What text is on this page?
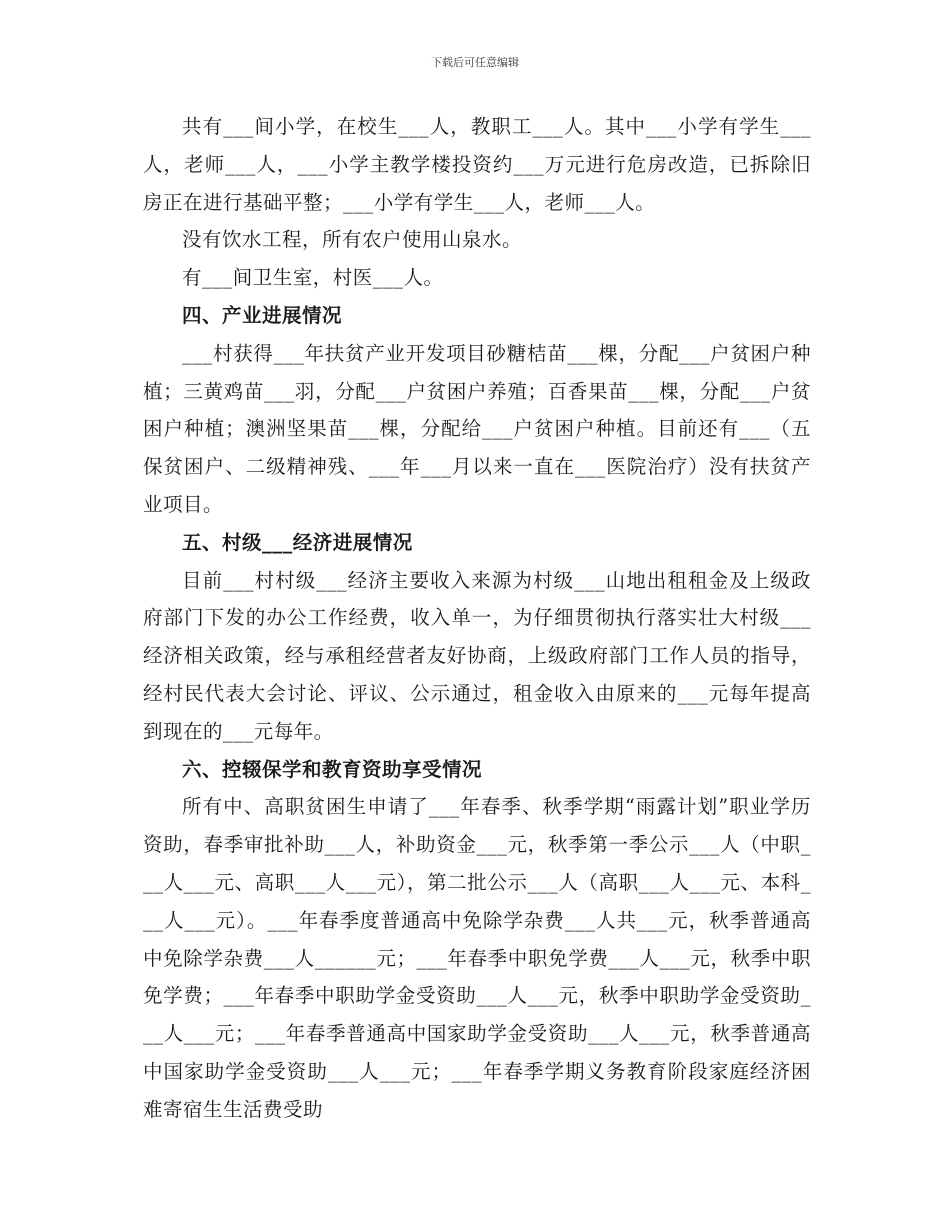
下载后可任意编辑

共有___间小学，在校生___人，教职工___人。其中___小学有学生___人，老师___人，___小学主教学楼投资约___万元进行危房改造，已拆除旧房正在进行基础平整；___小学有学生___人，老师___人。

没有饮水工程，所有农户使用山泉水。

有___间卫生室，村医___人。

四、产业进展情况

___村获得___年扶贫产业开发项目砂糖桔苗___棵，分配___户贫困户种植；三黄鸡苗___羽，分配___户贫困户养殖；百香果苗___棵，分配___户贫困户种植；澳洲坚果苗___棵，分配给___户贫困户种植。目前还有___（五保贫困户、二级精神残、___年___月以来一直在___医院治疗）没有扶贫产业项目。

五、村级___经济进展情况

目前___村村级___经济主要收入来源为村级___山地出租租金及上级政府部门下发的办公工作经费，收入单一，为仔细贯彻执行落实壮大村级___经济相关政策，经与承租经营者友好协商，上级政府部门工作人员的指导，经村民代表大会讨论、评议、公示通过，租金收入由原来的___元每年提高到现在的___元每年。

六、控辍保学和教育资助享受情况

所有中、高职贫困生申请了___年春季、秋季学期“雨露计划”职业学历资助，春季审批补助___人，补助资金___元，秋季第一季公示___人（中职___人___元、高职___人___元），第二批公示___人（高职___人___元、本科___人___元）。___年春季度普通高中免除学杂费___人共___元，秋季普通高中免除学杂费___人______元；___年春季中职免学费___人___元，秋季中职免学费；___年春季中职助学金受资助___人___元，秋季中职助学金受资助___人___元；___年春季普通高中国家助学金受资助___人___元，秋季普通高中国家助学金受资助___人___元；___年春季学期义务教育阶段家庭经济困难寄宿生生活费受助
